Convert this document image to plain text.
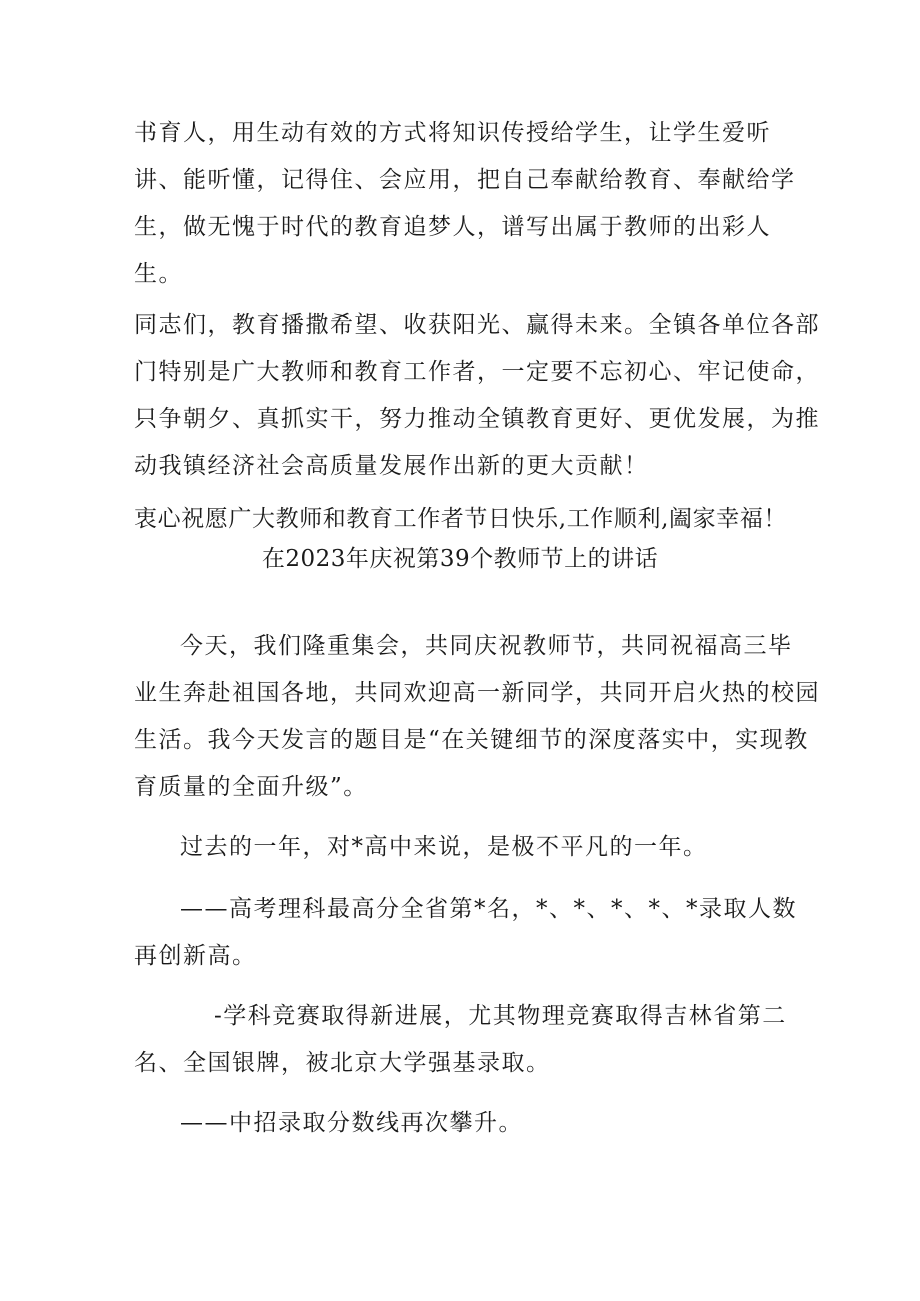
书育人，用生动有效的方式将知识传授给学生，让学生爱听
讲、能听懂，记得住、会应用，把自己奉献给教育、奉献给学
生，做无愧于时代的教育追梦人，谱写出属于教师的出彩人
生。
同志们，教育播撒希望、收获阳光、赢得未来。全镇各单位各部
门特别是广大教师和教育工作者，一定要不忘初心、牢记使命，
只争朝夕、真抓实干，努力推动全镇教育更好、更优发展，为推
动我镇经济社会高质量发展作出新的更大贡献！
衷心祝愿广大教师和教育工作者节日快乐,工作顺利,阖家幸福！
在2023年庆祝第39个教师节上的讲话
今天，我们隆重集会，共同庆祝教师节，共同祝福高三毕
业生奔赴祖国各地，共同欢迎高一新同学，共同开启火热的校园
生活。我今天发言的题目是“在关键细节的深度落实中，实现教
育质量的全面升级”。
过去的一年，对*高中来说，是极不平凡的一年。
——高考理科最高分全省第*名，*、*、*、*、*录取人数
再创新高。
-学科竞赛取得新进展，尤其物理竞赛取得吉林省第二
名、全国银牌，被北京大学强基录取。
——中招录取分数线再次攀升。
